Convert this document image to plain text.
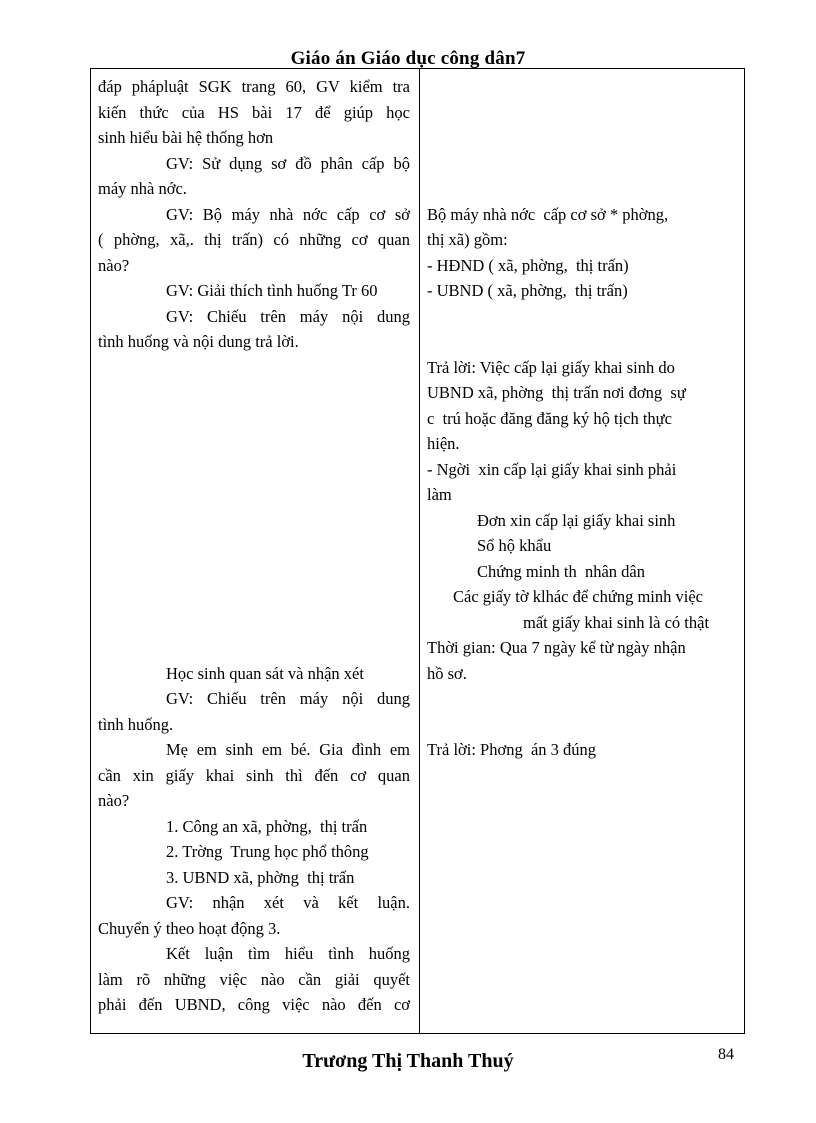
Giáo án Giáo dục công dân7
đáp phápluật SGK trang 60, GV kiểm tra
kiến thức của HS bài 17 để giúp học
sinh hiểu bài hệ thống hơn
GV: Sử dụng sơ đồ phân cấp bộ
máy nhà nớc.
GV: Bộ máy nhà nớc cấp cơ sở
( phờng, xã,. thị trấn) có những cơ quan
nào?
GV: Giải thích tình huống Tr 60
GV: Chiếu trên máy nội dung
tình huống và nội dung trả lời.
Học sinh quan sát và nhận xét
GV: Chiếu trên máy nội dung
tình huống.
Mẹ em sinh em bé. Gia đình em
cần xin giấy khai sinh thì đến cơ quan
nào?
1. Công an xã, phờng,  thị trấn
2. Trờng  Trung học phổ thông
3. UBND xã, phờng  thị trấn
GV: nhận xét và kết luận.
Chuyển ý theo hoạt động 3.
Kết luận tìm hiểu tình huống
làm rõ những việc nào cần giải quyết
phải đến UBND, công việc nào đến cơ
Bộ máy nhà nớc  cấp cơ sở * phờng,
thị xã) gồm:
- HĐND ( xã, phờng,  thị trấn)
- UBND ( xã, phờng,  thị trấn)
Trả lời: Việc cấp lại giấy khai sinh do
UBND xã, phờng  thị trấn nơi đơng  sự
c  trú hoặc đăng đăng ký hộ tịch thực
hiện.
- Ngời  xin cấp lại giấy khai sinh phải
làm
Đơn xin cấp lại giấy khai sinh
Sổ hộ khẩu
Chứng minh th  nhân dân
Các giấy tờ klhác để chứng minh việc
mất giấy khai sinh là có thật
Thời gian: Qua 7 ngày kể từ ngày nhận
hồ sơ.
Trả lời: Phơng  án 3 đúng
Trương Thị Thanh Thuý	84
